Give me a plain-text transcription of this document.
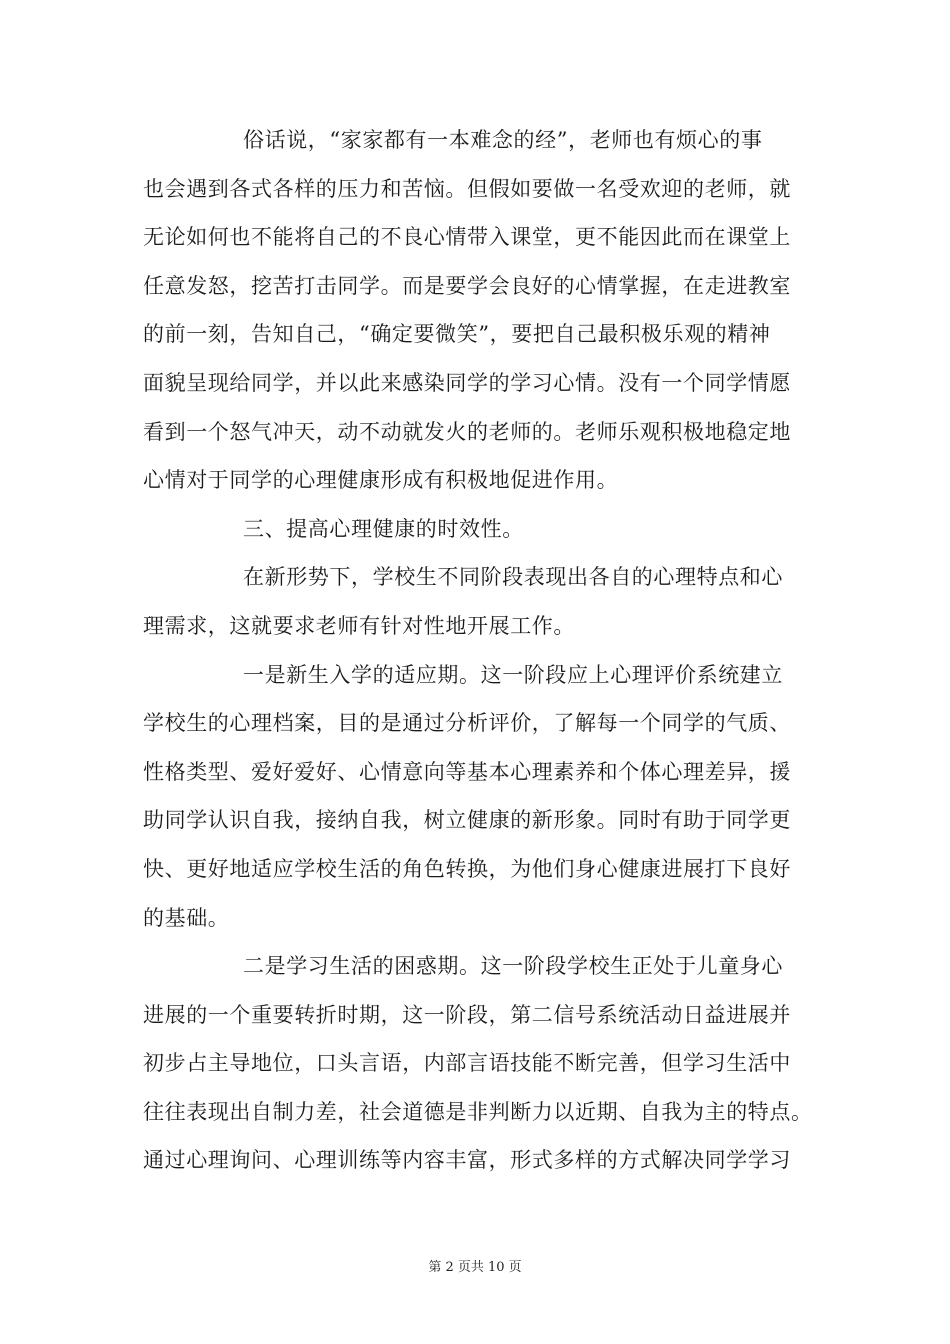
俗话说，“家家都有一本难念的经”，老师也有烦心的事
也会遇到各式各样的压力和苦恼。但假如要做一名受欢迎的老师，就
无论如何也不能将自己的不良心情带入课堂，更不能因此而在课堂上
任意发怒，挖苦打击同学。而是要学会良好的心情掌握，在走进教室
的前一刻，告知自己，“确定要微笑”，要把自己最积极乐观的精神
面貌呈现给同学，并以此来感染同学的学习心情。没有一个同学情愿
看到一个怒气冲天，动不动就发火的老师的。老师乐观积极地稳定地
心情对于同学的心理健康形成有积极地促进作用。
三、提高心理健康的时效性。
在新形势下，学校生不同阶段表现出各自的心理特点和心
理需求，这就要求老师有针对性地开展工作。
一是新生入学的适应期。这一阶段应上心理评价系统建立
学校生的心理档案，目的是通过分析评价，了解每一个同学的气质、
性格类型、爱好爱好、心情意向等基本心理素养和个体心理差异，援
助同学认识自我，接纳自我，树立健康的新形象。同时有助于同学更
快、更好地适应学校生活的角色转换，为他们身心健康进展打下良好
的基础。
二是学习生活的困惑期。这一阶段学校生正处于儿童身心
进展的一个重要转折时期，这一阶段，第二信号系统活动日益进展并
初步占主导地位，口头言语，内部言语技能不断完善，但学习生活中
往往表现出自制力差，社会道德是非判断力以近期、自我为主的特点。
通过心理询问、心理训练等内容丰富，形式多样的方式解决同学学习
第 2 页共 10 页
